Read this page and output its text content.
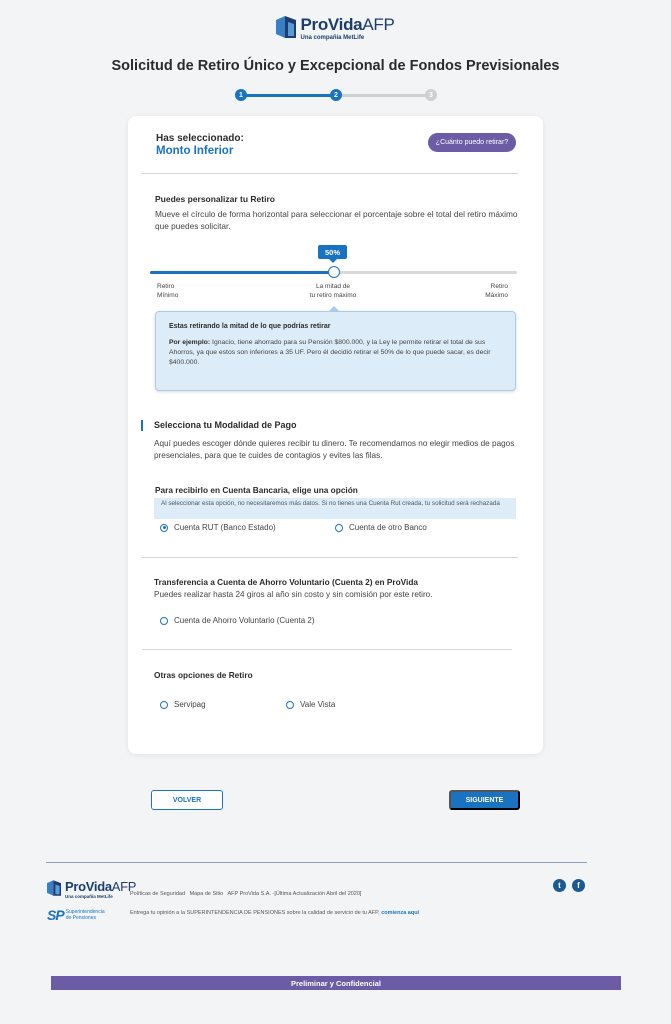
ProVidaAFP
Una compañía MetLife
Solicitud de Retiro Único y Excepcional de Fondos Previsionales
1	2	3
Has seleccionado:
Monto Inferior
¿Cuánto puedo retirar?
Puedes personalizar tu Retiro
Mueve el círculo de forma horizontal para seleccionar el porcentaje sobre el total del retiro máximo que puedes solicitar.
50%
Retiro
Mínimo
La mitad de
tu retiro máximo
Retiro
Máximo
Estas retirando la mitad de lo que podrías retirar
Por ejemplo: Ignacio, tiene ahorrado para su Pensión $800.000, y la Ley le permite retirar el total de sus Ahorros, ya que estos son inferiores a 35 UF. Pero él decidió retirar el 50% de lo que puede sacar, es decir $400.000.
Selecciona tu Modalidad de Pago
Aquí puedes escoger dónde quieres recibir tu dinero. Te recomendamos no elegir medios de pagos presenciales, para que te cuides de contagios y evites las filas.
Para recibirlo en Cuenta Bancaria, elige una opción
Al seleccionar esta opción, no necesitaremos más datos. Si no tienes una Cuenta Rut creada, tu solicitud será rechazada
Cuenta RUT (Banco Estado)	Cuenta de otro Banco
Transferencia a Cuenta de Ahorro Voluntario (Cuenta 2) en ProVida
Puedes realizar hasta 24 giros al año sin costo y sin comisión por este retiro.
Cuenta de Ahorro Voluntario (Cuenta 2)
Otras opciones de Retiro
Servipag	Vale Vista
VOLVER	SIGUIENTE
ProVidaAFP
Una compañía MetLife	Políticas de Seguridad Mapa de Sitio AFP ProVida S.A. -[Última Actualización Abril del 2020]
SP Superintendencia
de Pensiones
Entrega tu opinión a la SUPERINTENDENCIA DE PENSIONES sobre la calidad de servicio de tu AFP, comienza aquí
t	f
Preliminar y Confidencial
